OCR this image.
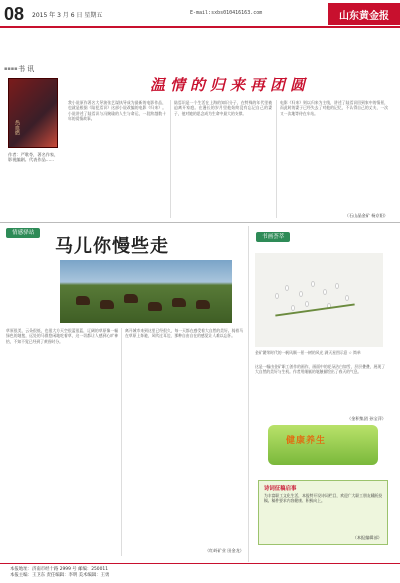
08 2015 年 3 月 6 日 星期五	E-mail:sxbs010416163.com	山东黄金报
▪▪▪▪ 书 讯
热血燃
作者：严歌苓，著名作家，影视编剧。代表作品……
温情的归来再团圆
我小说原作著名大导演张艺谋执导成为最新的电影作品，也就是根据《陆犯焉识》这部小说改编的电影《归来》。小说讲述了陆焉识与冯婉瑜的人生与命运，一段跨越数十年的爱情故事。
陆焉识是一个生活在上海的知识分子，在特殊的年代里被迫离开家庭。在漫长的岁月里他始终没有忘记自己的妻子，他对她的思念成为生命中最大的支撑。
电影《归来》则以归来为主线，讲述了陆焉识回到家中的情景，而此时的妻子已经失去了对他的记忆，不认得自己的丈夫，一次又一次地等待在车站。
（石山晶金矿 杨京阳）
情感驿站
马儿你慢些走
草原很美，云朵很低，也很大方天空很蓝很蓝，辽阔的草原像一幅绿色的地毯，远处的马群悠闲地吃着草，这一切都让人感到心旷神怡，不知不觉已经到了黄昏时分。
离开城市来到这里已经很久，每一天都在感受着大自然的美好。骑着马在草原上奔驰，风吹过耳边，那种自由自在的感觉让人难以忘怀。
（红岭矿业 田金龙）
书画荟萃
金矿繁荣时代的一帆风顺一景一树的风光 满天星图示意 ☆ 简单
这是一幅由金矿职工创作的画作，画面中的花朵洁白如雪，层层叠叠，展现了大自然的美好与生机。作者用细腻的笔触描绘出了春天的气息。
（金积集团 孙宝萍）
健康养生
诗词征稿启事
为丰富职工文化生活，本报特开设诗词栏目，欢迎广大职工朋友踊跃投稿。稿件要求内容健康、积极向上。
（本报编辑部）
本报地址：济南市经十路 2999 号 邮编：250011
本报主编：王卫东 责任编辑：李明 美术编辑：王勇
